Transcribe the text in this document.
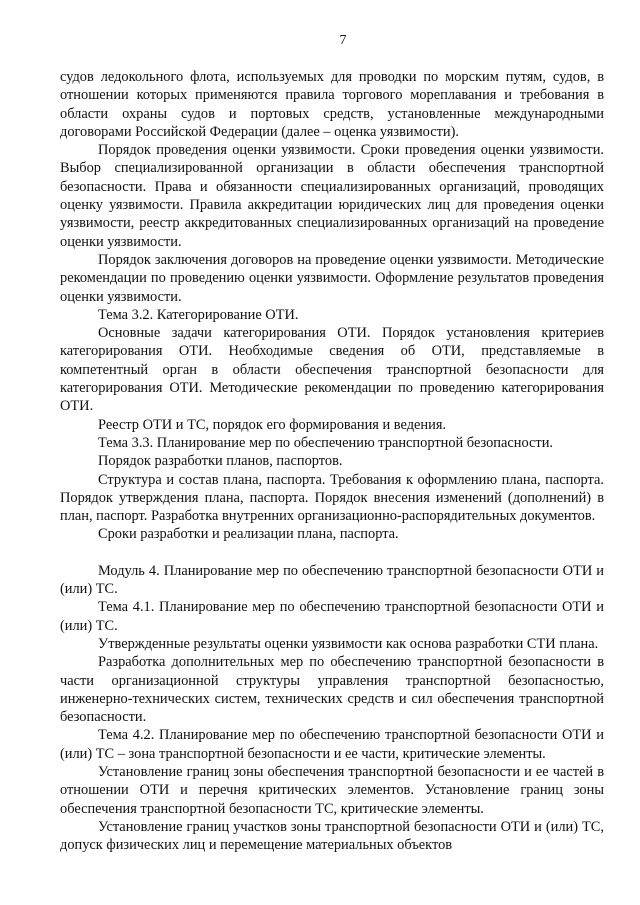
7

судов ледокольного флота, используемых для проводки по морским путям, судов, в отношении которых применяются правила торгового мореплавания и требования в области охраны судов и портовых средств, установленные международными договорами Российской Федерации (далее – оценка уязвимости).

Порядок проведения оценки уязвимости. Сроки проведения оценки уязвимости. Выбор специализированной организации в области обеспечения транспортной безопасности. Права и обязанности специализированных организаций, проводящих оценку уязвимости. Правила аккредитации юридических лиц для проведения оценки уязвимости, реестр аккредитованных специализированных организаций на проведение оценки уязвимости.

Порядок заключения договоров на проведение оценки уязвимости. Методические рекомендации по проведению оценки уязвимости. Оформление результатов проведения оценки уязвимости.

Тема 3.2. Категорирование ОТИ.

Основные задачи категорирования ОТИ. Порядок установления критериев категорирования ОТИ. Необходимые сведения об ОТИ, представляемые в компетентный орган в области обеспечения транспортной безопасности для категорирования ОТИ. Методические рекомендации по проведению категорирования ОТИ.

Реестр ОТИ и ТС, порядок его формирования и ведения.

Тема 3.3. Планирование мер по обеспечению транспортной безопасности.

Порядок разработки планов, паспортов.

Структура и состав плана, паспорта. Требования к оформлению плана, паспорта. Порядок утверждения плана, паспорта. Порядок внесения изменений (дополнений) в план, паспорт. Разработка внутренних организационно-распорядительных документов.

Сроки разработки и реализации плана, паспорта.

Модуль 4. Планирование мер по обеспечению транспортной безопасности ОТИ и (или) ТС.

Тема 4.1. Планирование мер по обеспечению транспортной безопасности ОТИ и (или) ТС.

Утвержденные результаты оценки уязвимости как основа разработки СТИ плана.

Разработка дополнительных мер по обеспечению транспортной безопасности в части организационной структуры управления транспортной безопасностью, инженерно-технических систем, технических средств и сил обеспечения транспортной безопасности.

Тема 4.2. Планирование мер по обеспечению транспортной безопасности ОТИ и (или) ТС – зона транспортной безопасности и ее части, критические элементы.

Установление границ зоны обеспечения транспортной безопасности и ее частей в отношении ОТИ и перечня критических элементов. Установление границ зоны обеспечения транспортной безопасности ТС, критические элементы.

Установление границ участков зоны транспортной безопасности ОТИ и (или) ТС, допуск физических лиц и перемещение материальных объектов
